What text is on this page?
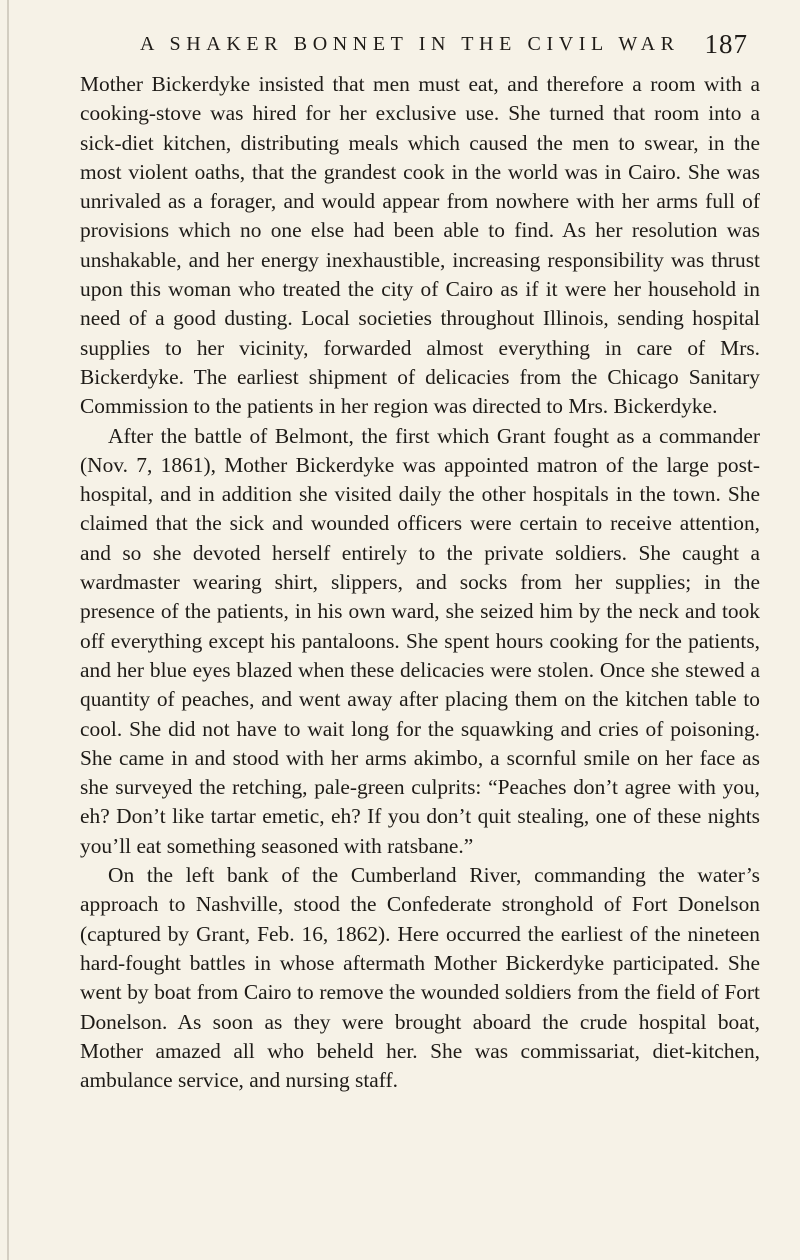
A SHAKER BONNET IN THE CIVIL WAR 187

Mother Bickerdyke insisted that men must eat, and therefore a room with a cooking-stove was hired for her exclusive use. She turned that room into a sick-diet kitchen, distributing meals which caused the men to swear, in the most violent oaths, that the grandest cook in the world was in Cairo. She was unrivaled as a forager, and would appear from nowhere with her arms full of provisions which no one else had been able to find. As her resolution was unshakable, and her energy inexhaustible, increasing responsibility was thrust upon this woman who treated the city of Cairo as if it were her household in need of a good dusting. Local societies throughout Illinois, sending hospital supplies to her vicinity, forwarded almost everything in care of Mrs. Bickerdyke. The earliest shipment of delicacies from the Chicago Sanitary Commission to the patients in her region was directed to Mrs. Bickerdyke.

After the battle of Belmont, the first which Grant fought as a commander (Nov. 7, 1861), Mother Bickerdyke was appointed matron of the large post-hospital, and in addition she visited daily the other hospitals in the town. She claimed that the sick and wounded officers were certain to receive attention, and so she devoted herself entirely to the private soldiers. She caught a wardmaster wearing shirt, slippers, and socks from her supplies; in the presence of the patients, in his own ward, she seized him by the neck and took off everything except his pantaloons. She spent hours cooking for the patients, and her blue eyes blazed when these delicacies were stolen. Once she stewed a quantity of peaches, and went away after placing them on the kitchen table to cool. She did not have to wait long for the squawking and cries of poisoning. She came in and stood with her arms akimbo, a scornful smile on her face as she surveyed the retching, pale-green culprits: “Peaches don’t agree with you, eh? Don’t like tartar emetic, eh? If you don’t quit stealing, one of these nights you’ll eat something seasoned with ratsbane.”

On the left bank of the Cumberland River, commanding the water’s approach to Nashville, stood the Confederate stronghold of Fort Donelson (captured by Grant, Feb. 16, 1862). Here occurred the earliest of the nineteen hard-fought battles in whose aftermath Mother Bickerdyke participated. She went by boat from Cairo to remove the wounded soldiers from the field of Fort Donelson. As soon as they were brought aboard the crude hospital boat, Mother amazed all who beheld her. She was commissariat, diet-kitchen, ambulance service, and nursing staff.
